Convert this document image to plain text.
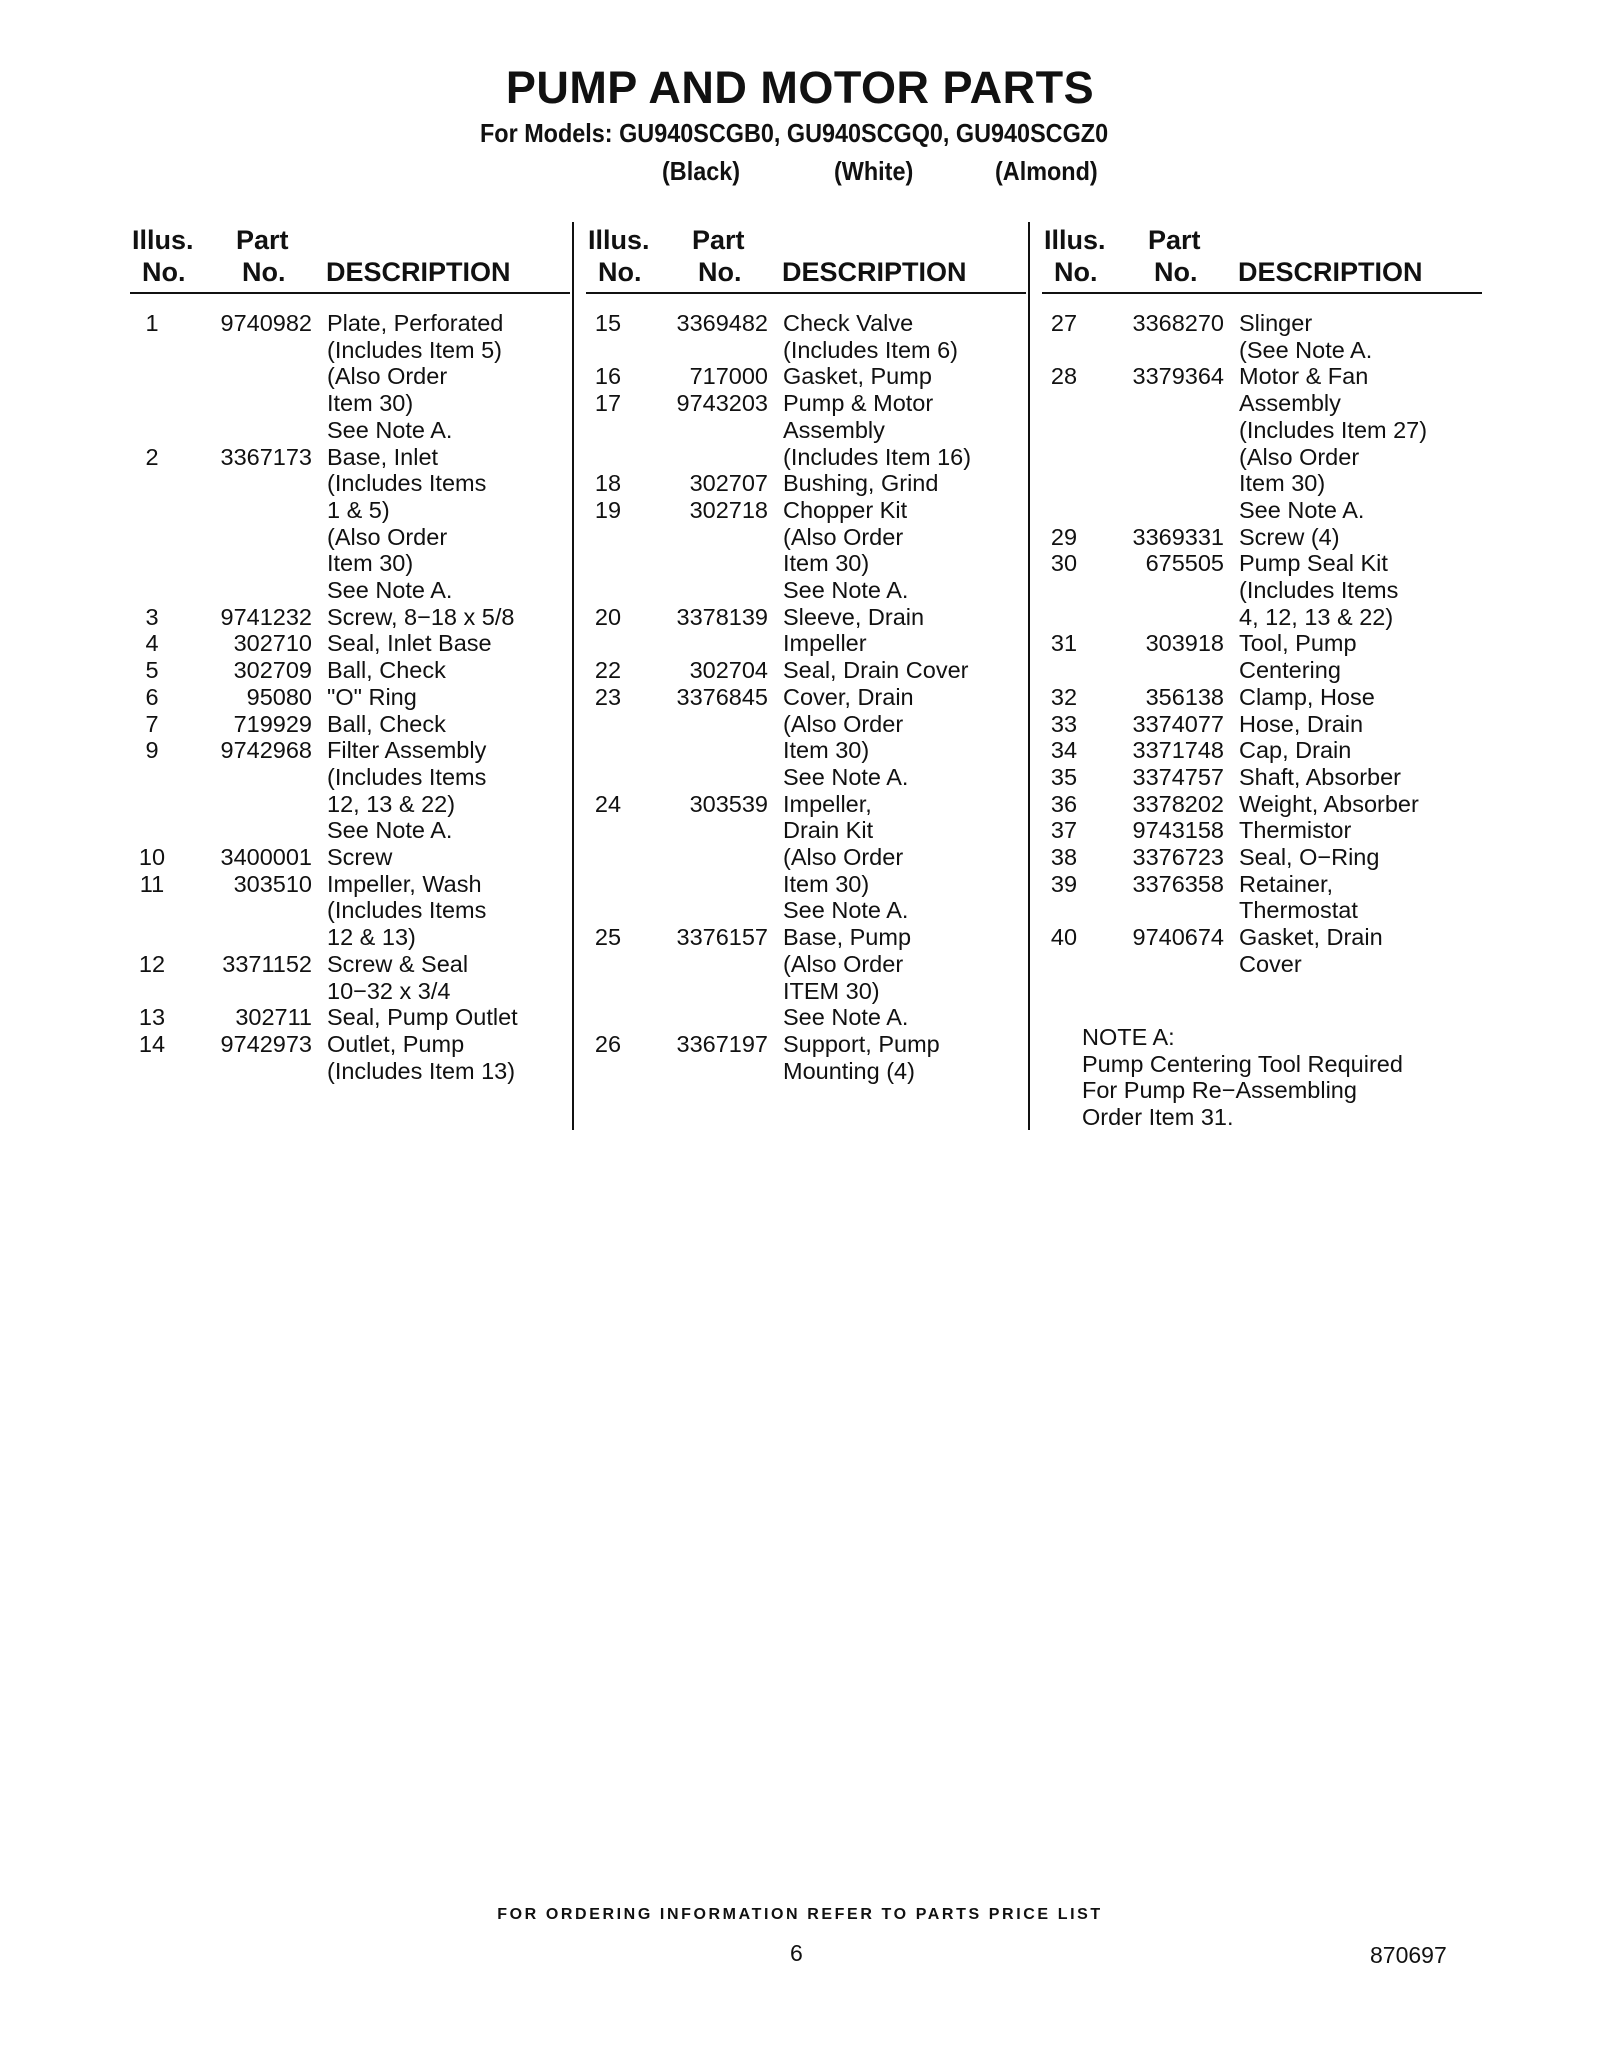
PUMP AND MOTOR PARTS
For Models: GU940SCGB0, GU940SCGQ0, GU940SCGZ0
(Black)	(White)	(Almond)
Illus.
No.
Part
No. DESCRIPTION
1	9740982 Plate, Perforated
(Includes Item 5)
(Also Order
Item 30)
See Note A.
2	3367173 Base, Inlet
(Includes Items
1 & 5)
(Also Order
Item 30)
See Note A.
3	9741232 Screw, 8−18 x 5/8
4	302710 Seal, Inlet Base
5	302709 Ball, Check
6	95080 "O" Ring
7	719929 Ball, Check
9	9742968 Filter Assembly
(Includes Items
12, 13 & 22)
See Note A.
10	3400001 Screw
11	303510 Impeller, Wash
(Includes Items
12 & 13)
12	3371152 Screw & Seal
10−32 x 3/4
13	302711 Seal, Pump Outlet
14	9742973 Outlet, Pump
(Includes Item 13)
Illus.
No.
Part
No. DESCRIPTION
15	3369482 Check Valve
(Includes Item 6)
16	717000 Gasket, Pump
17	9743203 Pump & Motor
Assembly
(Includes Item 16)
18	302707 Bushing, Grind
19	302718 Chopper Kit
(Also Order
Item 30)
See Note A.
20	3378139 Sleeve, Drain
Impeller
22	302704 Seal, Drain Cover
23	3376845 Cover, Drain
(Also Order
Item 30)
See Note A.
24	303539 Impeller,
Drain Kit
(Also Order
Item 30)
See Note A.
25	3376157 Base, Pump
(Also Order
ITEM 30)
See Note A.
26	3367197 Support, Pump
Mounting (4)
Illus.
No.
Part
No. DESCRIPTION
27	3368270 Slinger
(See Note A.
28	3379364 Motor & Fan
Assembly
(Includes Item 27)
(Also Order
Item 30)
See Note A.
29	3369331 Screw (4)
30	675505 Pump Seal Kit
(Includes Items
4, 12, 13 & 22)
31	303918 Tool, Pump
Centering
32	356138 Clamp, Hose
33	3374077 Hose, Drain
34	3371748 Cap, Drain
35	3374757 Shaft, Absorber
36	3378202 Weight, Absorber
37	9743158 Thermistor
38	3376723 Seal, O−Ring
39	3376358 Retainer,
Thermostat
40	9740674 Gasket, Drain
Cover
NOTE A:
Pump Centering Tool Required
For Pump Re−Assembling
Order Item 31.
FOR ORDERING INFORMATION REFER TO PARTS PRICE LIST
6	870697
